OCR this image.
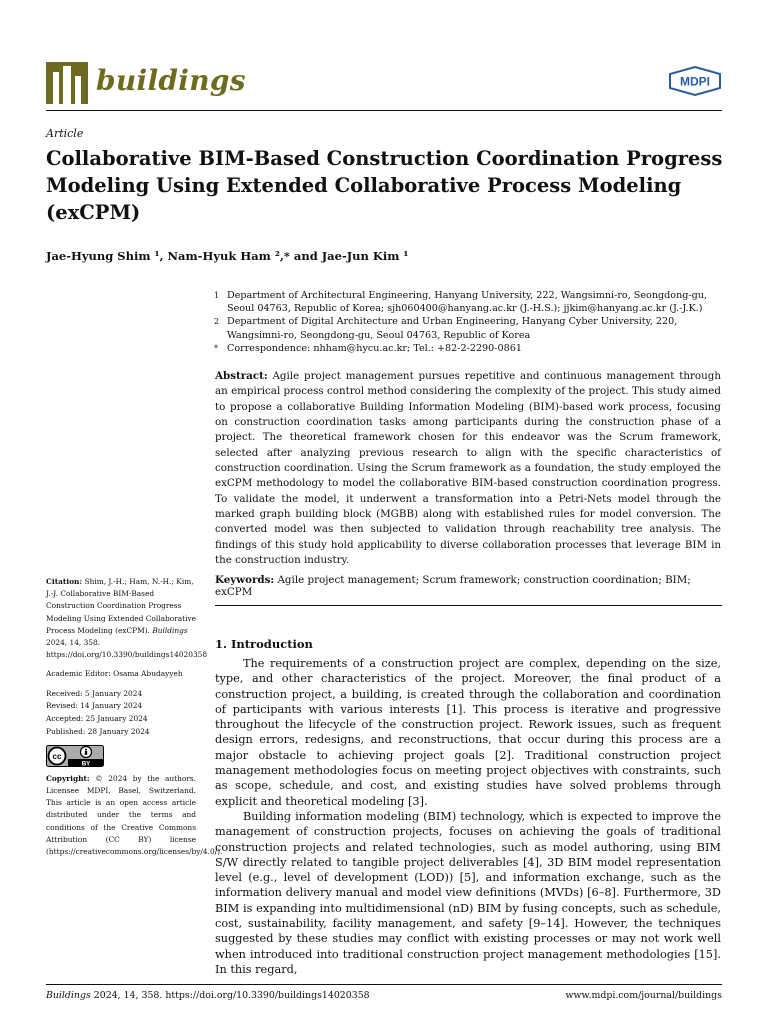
buildings	MDPI
Article
Collaborative BIM-Based Construction Coordination Progress Modeling Using Extended Collaborative Process Modeling (exCPM)
Jae-Hyung Shim ¹, Nam-Hyuk Ham ²,* and Jae-Jun Kim ¹
1 Department of Architectural Engineering, Hanyang University, 222, Wangsimni-ro, Seongdong-gu, Seoul 04763, Republic of Korea; sjh060400@hanyang.ac.kr (J.-H.S.); jjkim@hanyang.ac.kr (J.-J.K.)
2 Department of Digital Architecture and Urban Engineering, Hanyang Cyber University, 220, Wangsimni-ro, Seongdong-gu, Seoul 04763, Republic of Korea
* Correspondence: nhham@hycu.ac.kr; Tel.: +82-2-2290-0861

Abstract: Agile project management pursues repetitive and continuous management through an empirical process control method considering the complexity of the project. This study aimed to propose a collaborative Building Information Modeling (BIM)-based work process, focusing on construction coordination tasks among participants during the construction phase of a project. The theoretical framework chosen for this endeavor was the Scrum framework, selected after analyzing previous research to align with the specific characteristics of construction coordination. Using the Scrum framework as a foundation, the study employed the exCPM methodology to model the collaborative BIM-based construction coordination progress. To validate the model, it underwent a transformation into a Petri-Nets model through the marked graph building block (MGBB) along with established rules for model conversion. The converted model was then subjected to validation through reachability tree analysis. The findings of this study hold applicability to diverse collaboration processes that leverage BIM in the construction industry.

Keywords: Agile project management; Scrum framework; construction coordination; BIM; exCPM

1. Introduction

The requirements of a construction project are complex, depending on the size, type, and other characteristics of the project. Moreover, the final product of a construction project, a building, is created through the collaboration and coordination of participants with various interests [1]. This process is iterative and progressive throughout the lifecycle of the construction project. Rework issues, such as frequent design errors, redesigns, and reconstructions, that occur during this process are a major obstacle to achieving project goals [2]. Traditional construction project management methodologies focus on meeting project objectives with constraints, such as scope, schedule, and cost, and existing studies have solved problems through explicit and theoretical modeling [3].

Building information modeling (BIM) technology, which is expected to improve the management of construction projects, focuses on achieving the goals of traditional construction projects and related technologies, such as model authoring, using BIM S/W directly related to tangible project deliverables [4], 3D BIM model representation level (e.g., level of development (LOD)) [5], and information exchange, such as the information delivery manual and model view definitions (MVDs) [6–8]. Furthermore, 3D BIM is expanding into multidimensional (nD) BIM by fusing concepts, such as schedule, cost, sustainability, facility management, and safety [9–14]. However, the techniques suggested by these studies may conflict with existing processes or may not work well when introduced into traditional construction project management methodologies [15]. In this regard,

Citation: Shim, J.-H.; Ham, N.-H.; Kim, J.-J. Collaborative BIM-Based Construction Coordination Progress Modeling Using Extended Collaborative Process Modeling (exCPM). Buildings 2024, 14, 358. https://doi.org/10.3390/buildings14020358
Academic Editor: Osama Abudayyeh
Received: 5 January 2024
Revised: 14 January 2024
Accepted: 25 January 2024
Published: 28 January 2024
cc
BY
Copyright: © 2024 by the authors. Licensee MDPI, Basel, Switzerland. This article is an open access article distributed under the terms and conditions of the Creative Commons Attribution (CC BY) license (https://creativecommons.org/licenses/by/4.0/).
Buildings 2024, 14, 358. https://doi.org/10.3390/buildings14020358	www.mdpi.com/journal/buildings
